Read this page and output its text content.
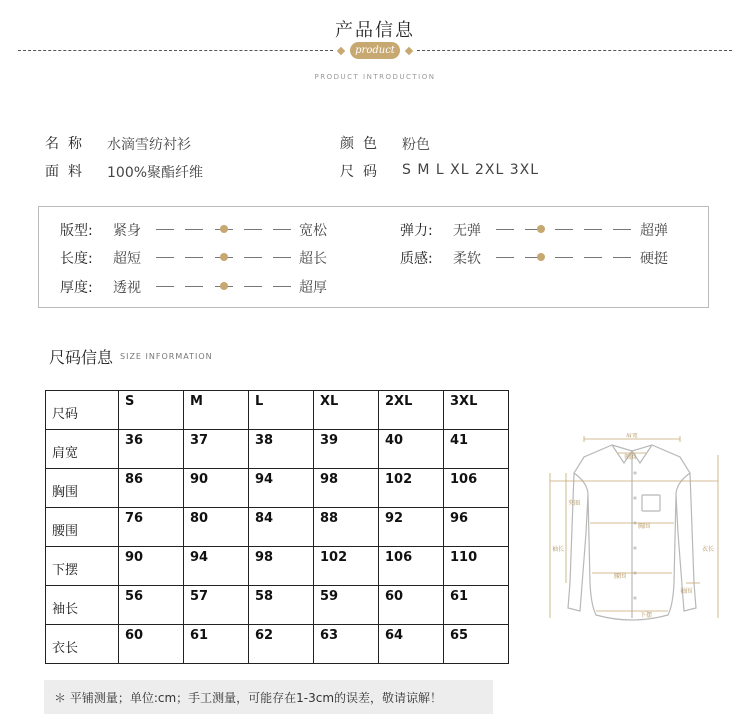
产品信息
product
PRODUCT INTRODUCTION
名称 水滴雪纺衬衫
面料 100%聚酯纤维
颜色 粉色
尺码 S M L XL 2XL 3XL
版型: 紧身	宽松
长度: 超短	超长
厚度: 透视	超厚
弹力: 无弹	超弹
质感: 柔软	硬挺
尺码信息 SIZE INFORMATION
尺码	S	M	L	XL	2XL	3XL

肩宽	36	37	38	39	40	41

胸围	86	90	94	98	102	106

腰围	76	80	84	88	92	96

下摆	90	94	98	102	106	110

袖长	56	57	58	59	60	61

衣长	60	61	62	63	64	65
＊ 平铺测量；单位:cm；手工测量，可能存在1-3cm的误差，敬请谅解！
肩宽
领围
夹圈
胸围
袖长	衣长
腰围
袖围
下摆
